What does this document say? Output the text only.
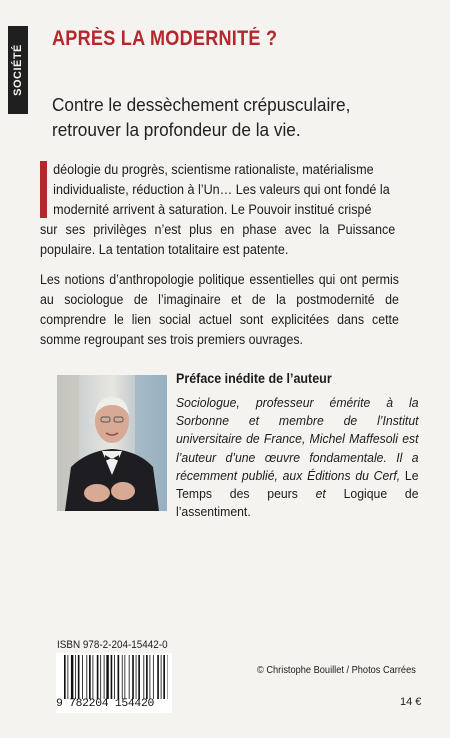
SOCIÉTÉ
APRÈS LA MODERNITÉ ?
Contre le dessèchement crépusculaire,
retrouver la profondeur de la vie.
déologie du progrès, scientisme rationaliste, matérialisme
individualiste, réduction à l’Un… Les valeurs qui ont fondé la
modernité arrivent à saturation. Le Pouvoir institué crispé
sur ses privilèges n’est plus en phase avec la Puissance populaire. La tentation totalitaire est patente.
Les notions d’anthropologie politique essentielles qui ont permis au sociologue de l’imaginaire et de la postmodernité de comprendre le lien social actuel sont explicitées dans cette somme regroupant ses trois premiers ouvrages.
Préface inédite de l’auteur
Sociologue, professeur émérite à la Sorbonne et membre de l’Institut universitaire de France, Michel Maffesoli est l’auteur d’une œuvre fondamentale. Il a récemment publié, aux Éditions du Cerf, Le Temps des peurs et Logique de l’assentiment.
ISBN 978-2-204-15442-0
9 782204 154420
© Christophe Bouillet / Photos Carrées
14 €
